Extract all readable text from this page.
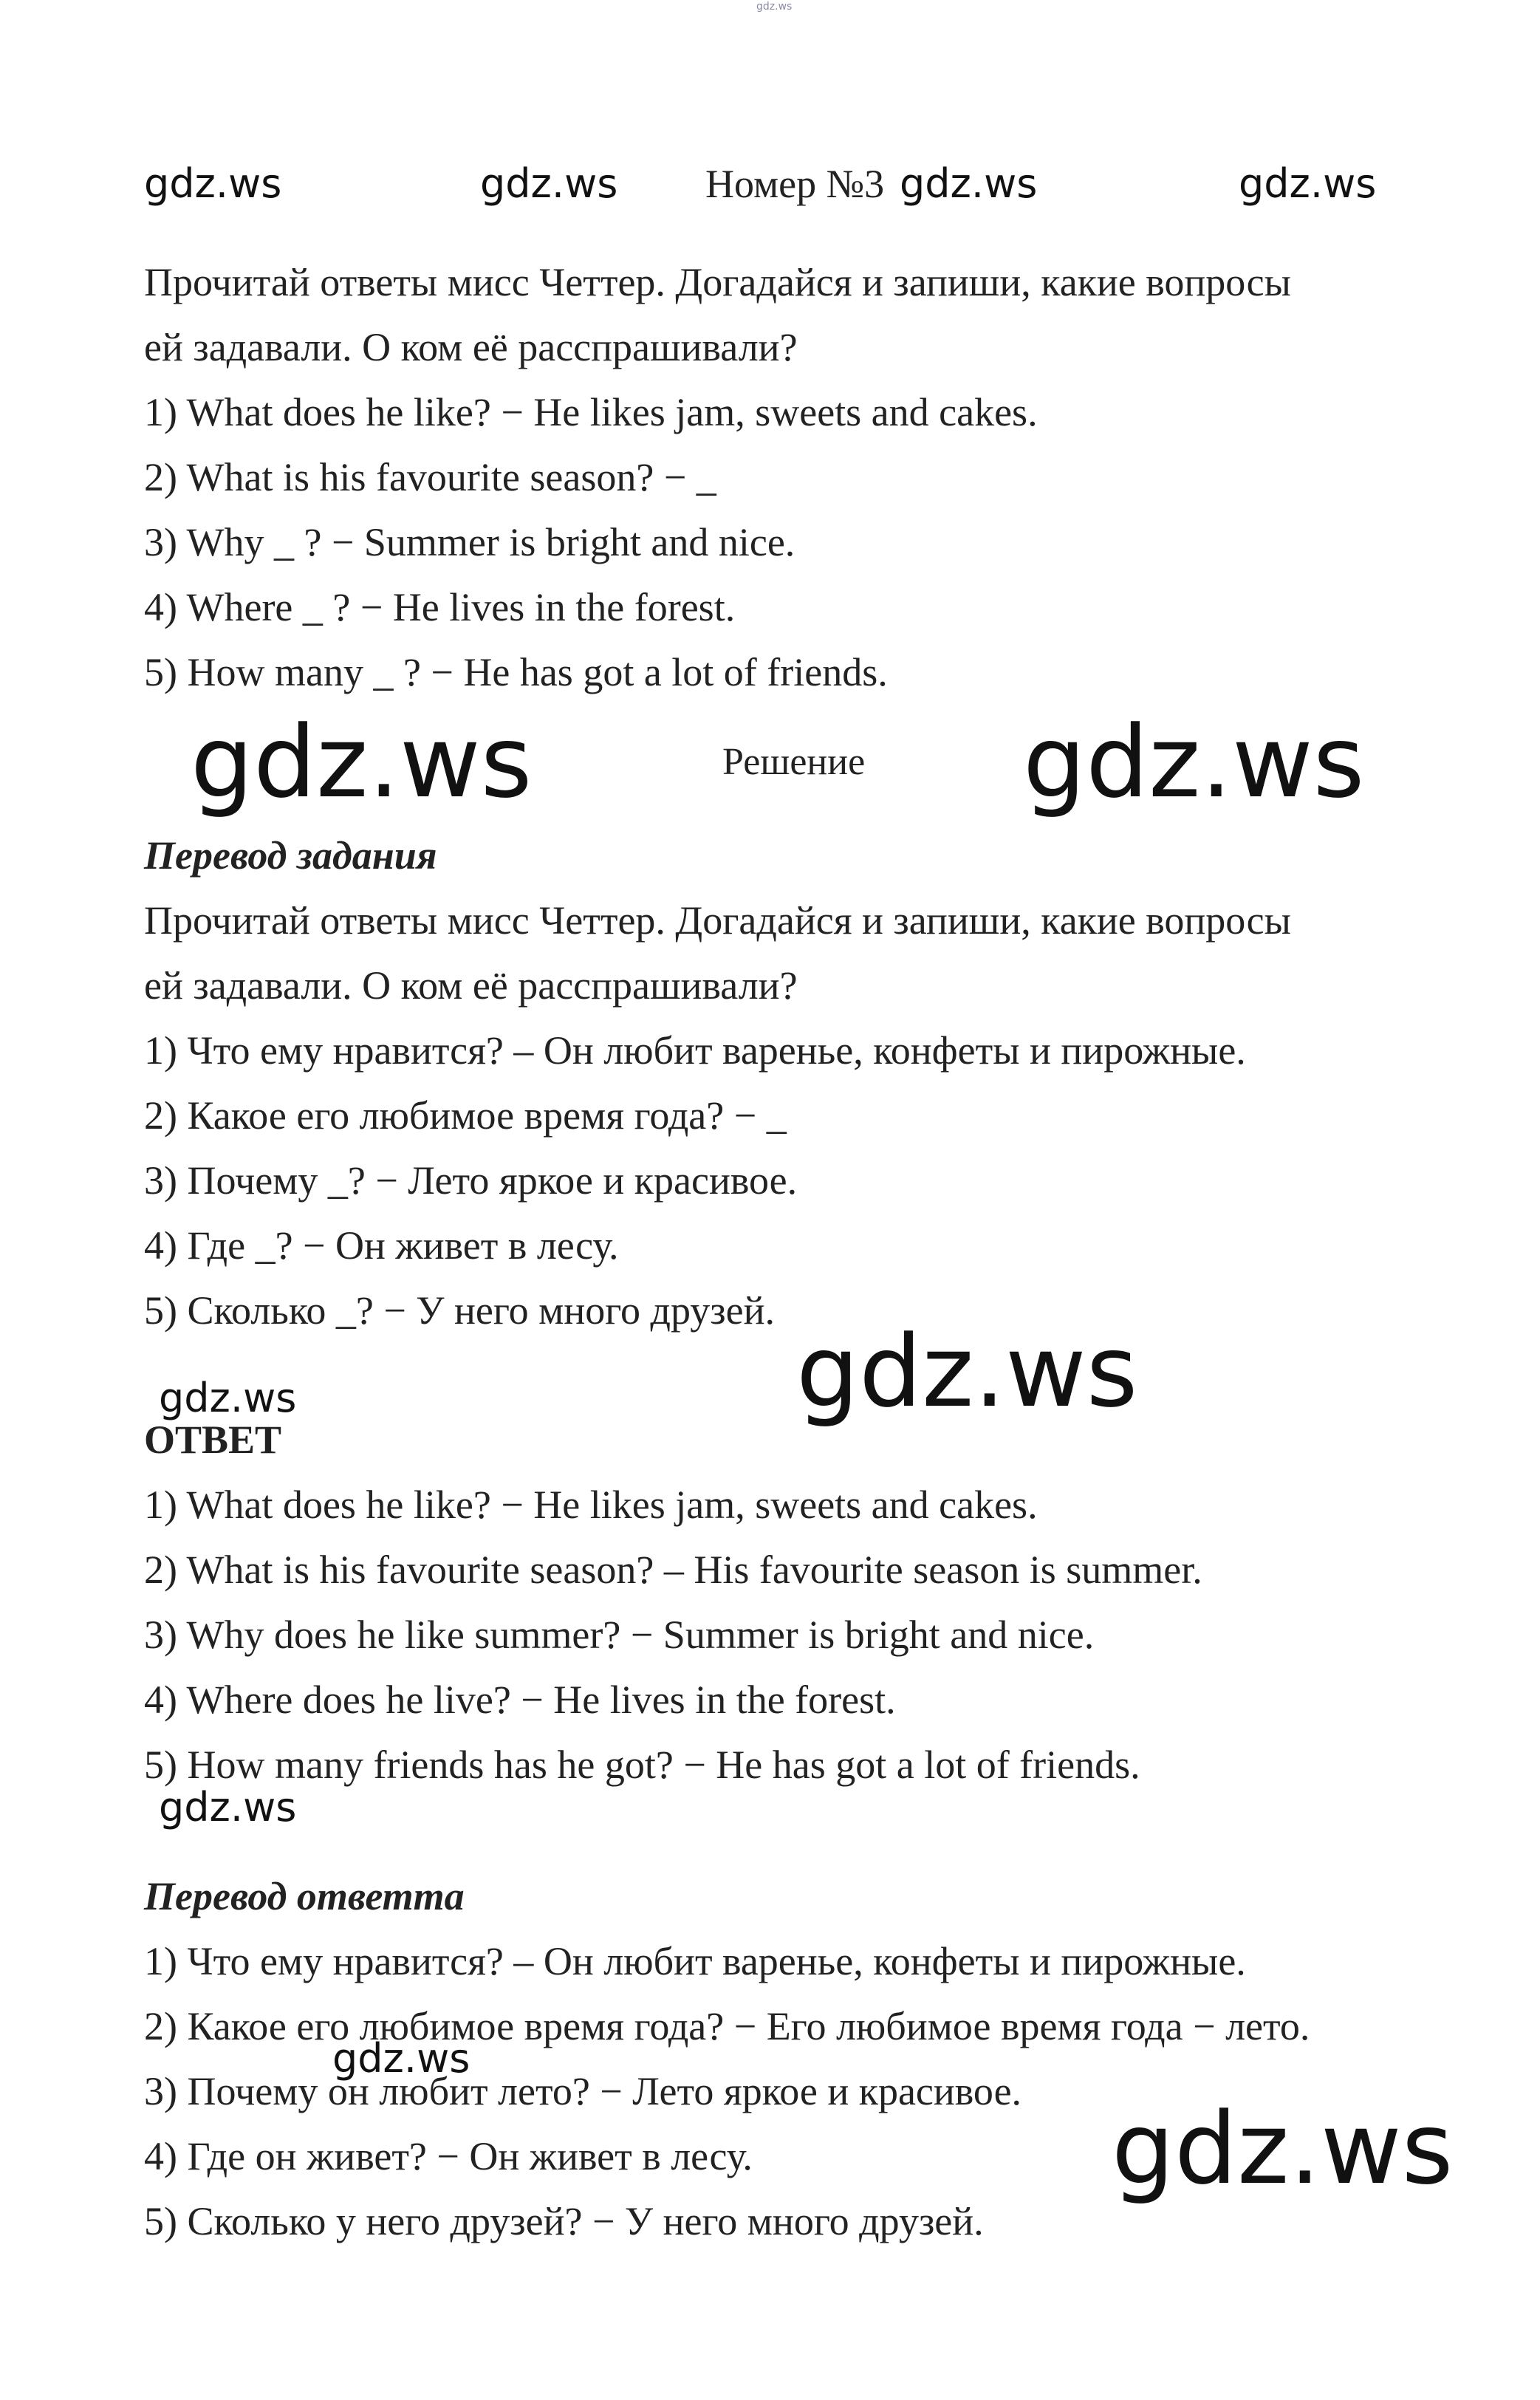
gdz.ws
gdz.ws	gdz.ws Номер №3 gdz.ws	gdz.ws
Прочитай ответы мисс Четтер. Догадайся и запиши, какие вопросы
ей задавали. О ком её расспрашивали?
1) What does he like? − He likes jam, sweets and cakes.
2) What is his favourite season? − _
3) Why _ ? − Summer is bright and nice.
4) Where _ ? − He lives in the forest.
5) How many _ ? − He has got a lot of friends.
gdz.ws	Решение gdz.ws
Перевод задания
Прочитай ответы мисс Четтер. Догадайся и запиши, какие вопросы
ей задавали. О ком её расспрашивали?
1) Что ему нравится? – Он любит варенье, конфеты и пирожные.
2) Какое его любимое время года? − _
3) Почему _? − Лето яркое и красивое.
4) Где _? − Он живет в лесу.
5) Сколько _? − У него много друзей.
gdz.ws
gdz.ws
ОТВЕТ
1) What does he like? − He likes jam, sweets and cakes.
2) What is his favourite season? – His favourite season is summer.
3) Why does he like summer? − Summer is bright and nice.
4) Where does he live? − He lives in the forest.
5) How many friends has he got? − He has got a lot of friends.
gdz.ws
Перевод ответта
1) Что ему нравится? – Он любит варенье, конфеты и пирожные.
2) Какое его любимое время года? − Его любимое время года − лето.
3) Почему он любит лето? − Лето яркое и красивое.
4) Где он живет? − Он живет в лесу.
5) Сколько у него друзей? − У него много друзей.
gdz.ws
gdz.ws
